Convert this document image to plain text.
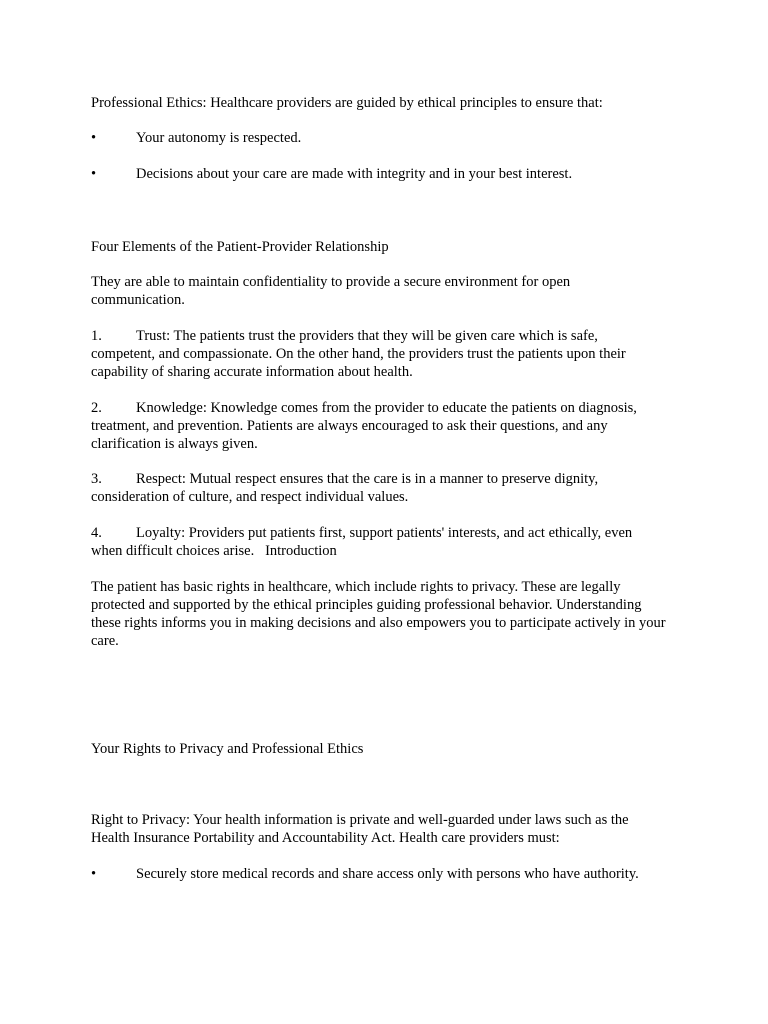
Professional Ethics: Healthcare providers are guided by ethical principles to ensure that:

•	Your autonomy is respected.
•	Decisions about your care are made with integrity and in your best interest.

Four Elements of the Patient-Provider Relationship

They are able to maintain confidentiality to provide a secure environment for open communication.

1. Trust: The patients trust the providers that they will be given care which is safe, competent, and compassionate. On the other hand, the providers trust the patients upon their capability of sharing accurate information about health.
2. Knowledge: Knowledge comes from the provider to educate the patients on diagnosis, treatment, and prevention. Patients are always encouraged to ask their questions, and any clarification is always given.
3. Respect: Mutual respect ensures that the care is in a manner to preserve dignity, consideration of culture, and respect individual values.
4. Loyalty: Providers put patients first, support patients' interests, and act ethically, even when difficult choices arise.   Introduction

The patient has basic rights in healthcare, which include rights to privacy. These are legally protected and supported by the ethical principles guiding professional behavior. Understanding these rights informs you in making decisions and also empowers you to participate actively in your care.

Your Rights to Privacy and Professional Ethics

Right to Privacy: Your health information is private and well-guarded under laws such as the Health Insurance Portability and Accountability Act. Health care providers must:

•	Securely store medical records and share access only with persons who have authority.
